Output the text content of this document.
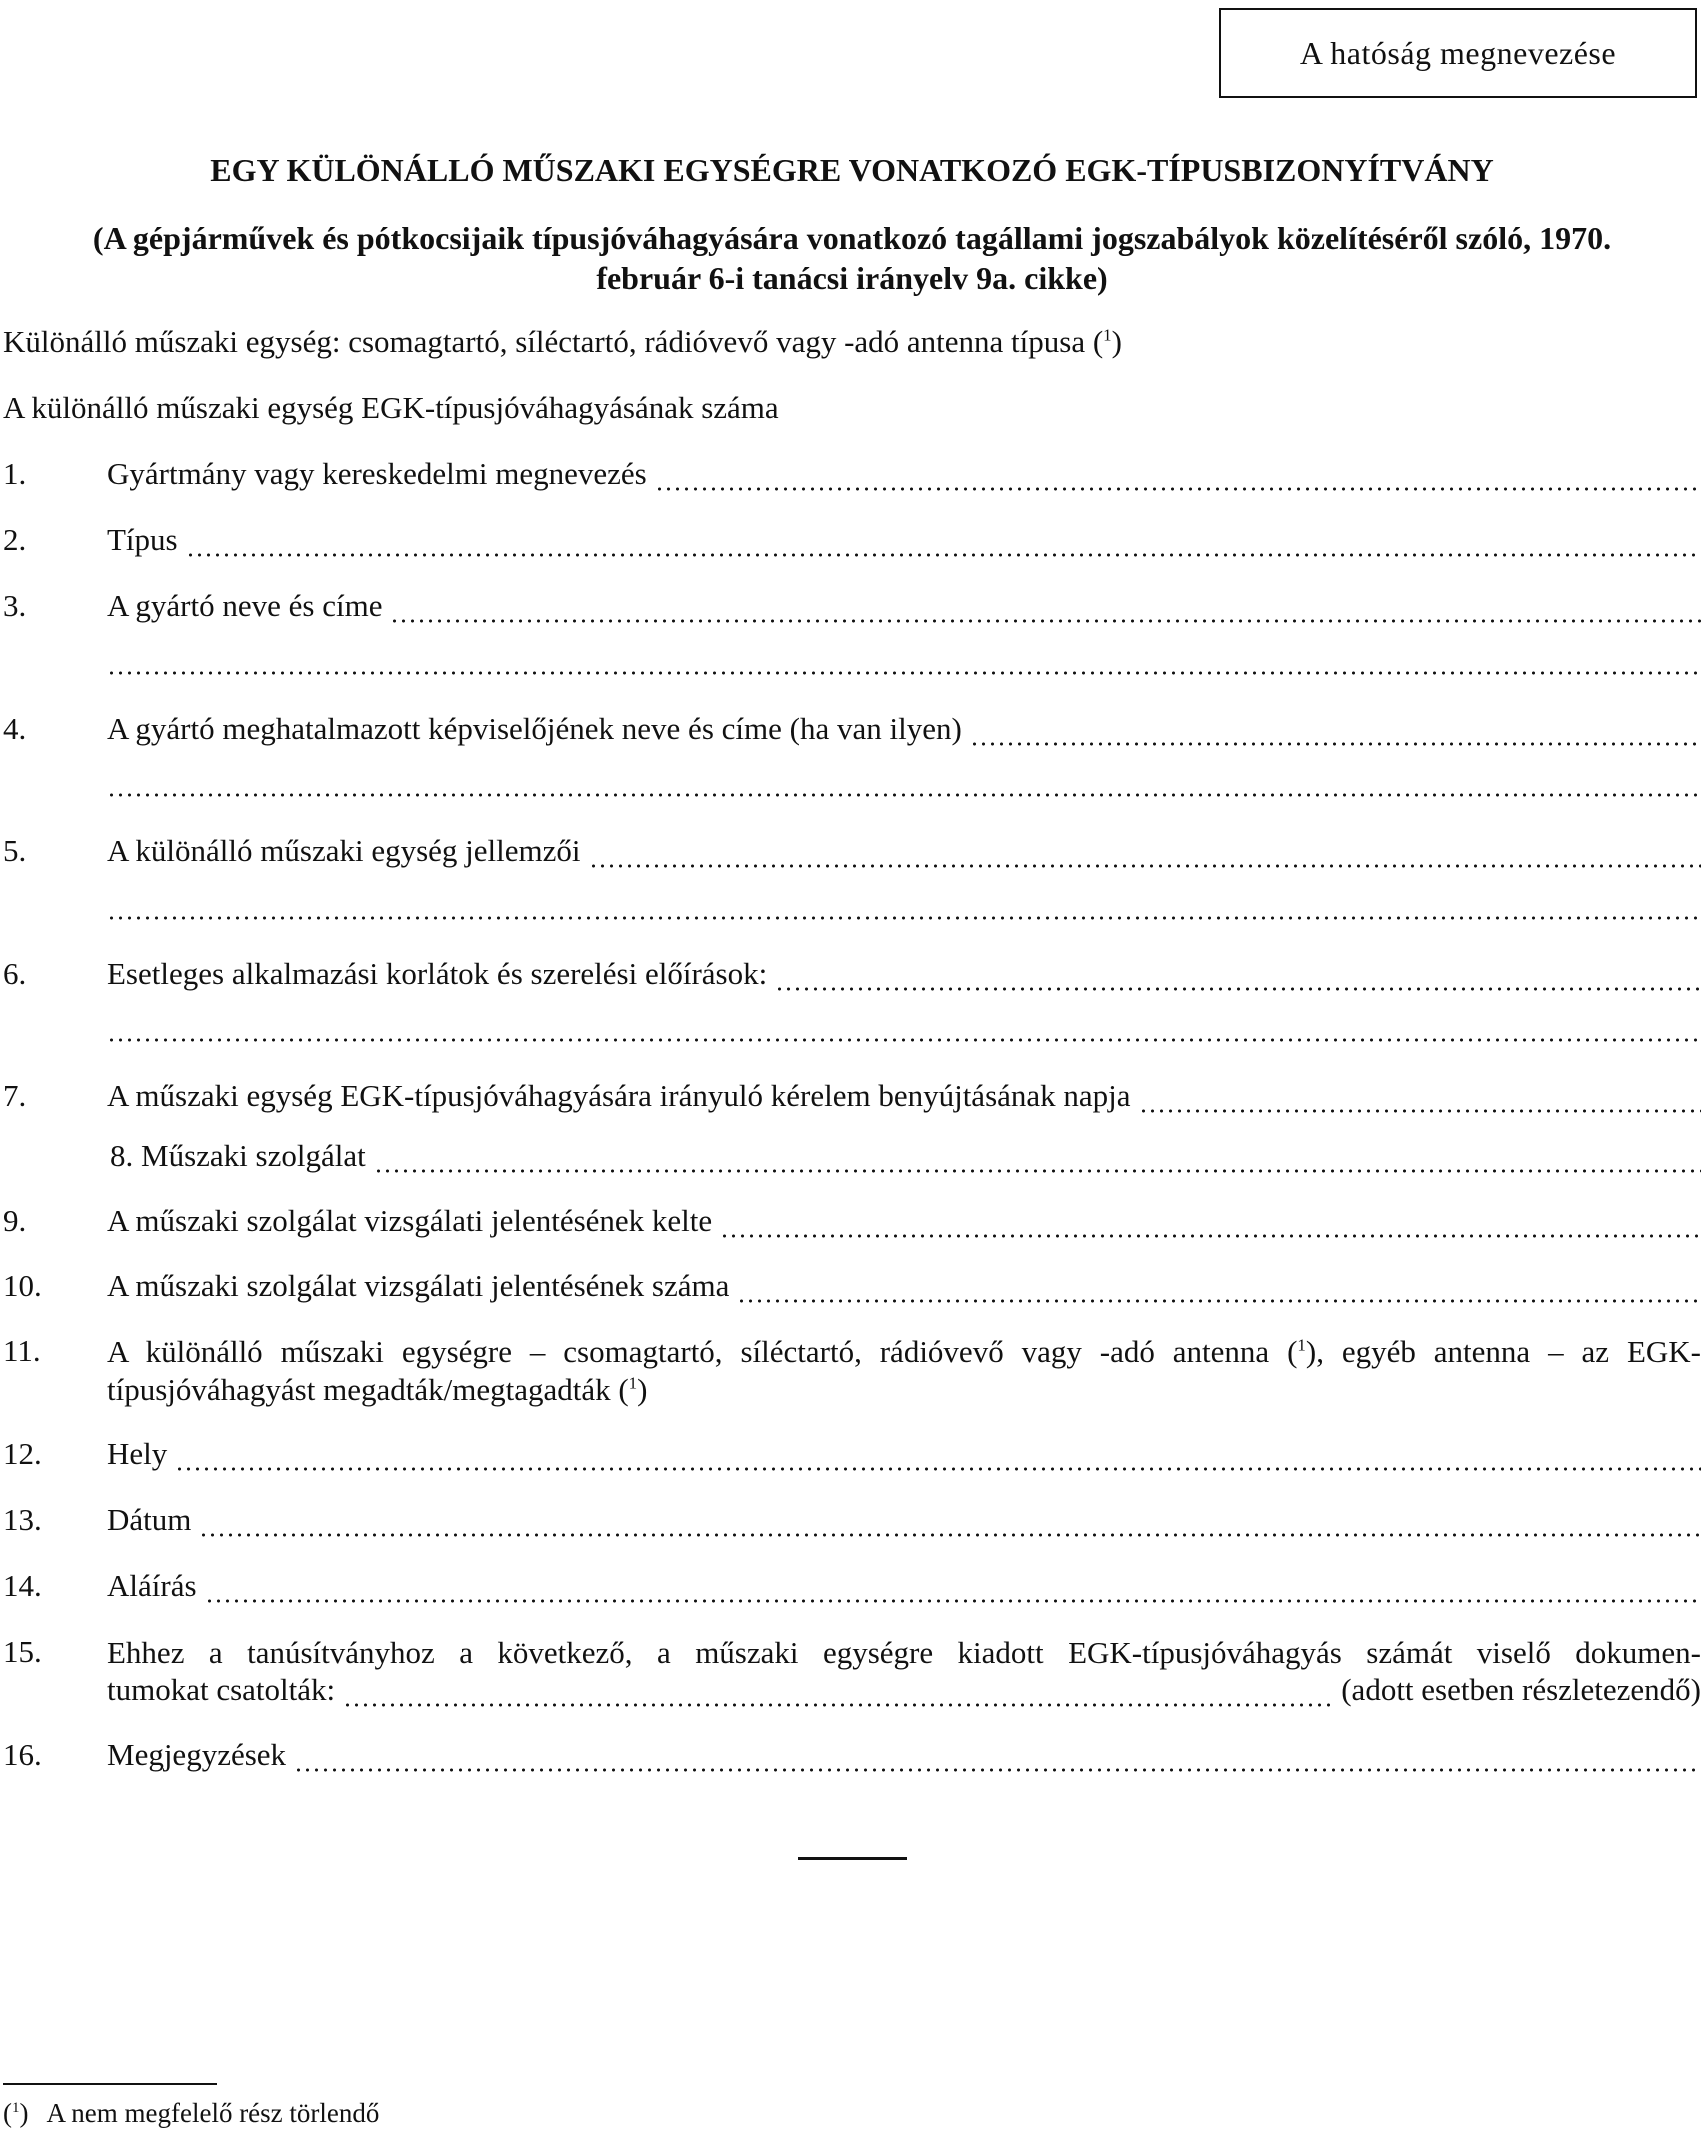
A hatóság megnevezése
EGY KÜLÖNÁLLÓ MŰSZAKI EGYSÉGRE VONATKOZÓ EGK-TÍPUSBIZONYÍTVÁNY
(A gépjárművek és pótkocsijaik típusjóváhagyására vonatkozó tagállami jogszabályok közelítéséről szóló, 1970.
február 6-i tanácsi irányelv 9a. cikke)
Különálló műszaki egység: csomagtartó, síléctartó, rádióvevő vagy -adó antenna típusa ($^1$)
A különálló műszaki egység EGK-típusjóváhagyásának száma
1.	Gyártmány vagy kereskedelmi megnevezés
2.	Típus
3.	A gyártó neve és címe
4.	A gyártó meghatalmazott képviselőjének neve és címe (ha van ilyen)
5.	A különálló műszaki egység jellemzői
6.	Esetleges alkalmazási korlátok és szerelési előírások:
7.	A műszaki egység EGK-típusjóváhagyására irányuló kérelem benyújtásának napja
8. Műszaki szolgálat
9.	A műszaki szolgálat vizsgálati jelentésének kelte
10. A műszaki szolgálat vizsgálati jelentésének száma
11. A különálló műszaki egységre – csomagtartó, síléctartó, rádióvevő vagy -adó antenna ($^1$), egyéb antenna – az EGK-típusjóváhagyást megadták/megtagadták ($^1$)
12. Hely
13. Dátum
14. Aláírás
15. Ehhez a tanúsítványhoz a következő, a műszaki egységre kiadott EGK-típusjóváhagyás számát viselő dokumen-
tumokat csatolták:	(adott esetben részletezendő)
16. Megjegyzések
($^1$) A nem megfelelő rész törlendő
